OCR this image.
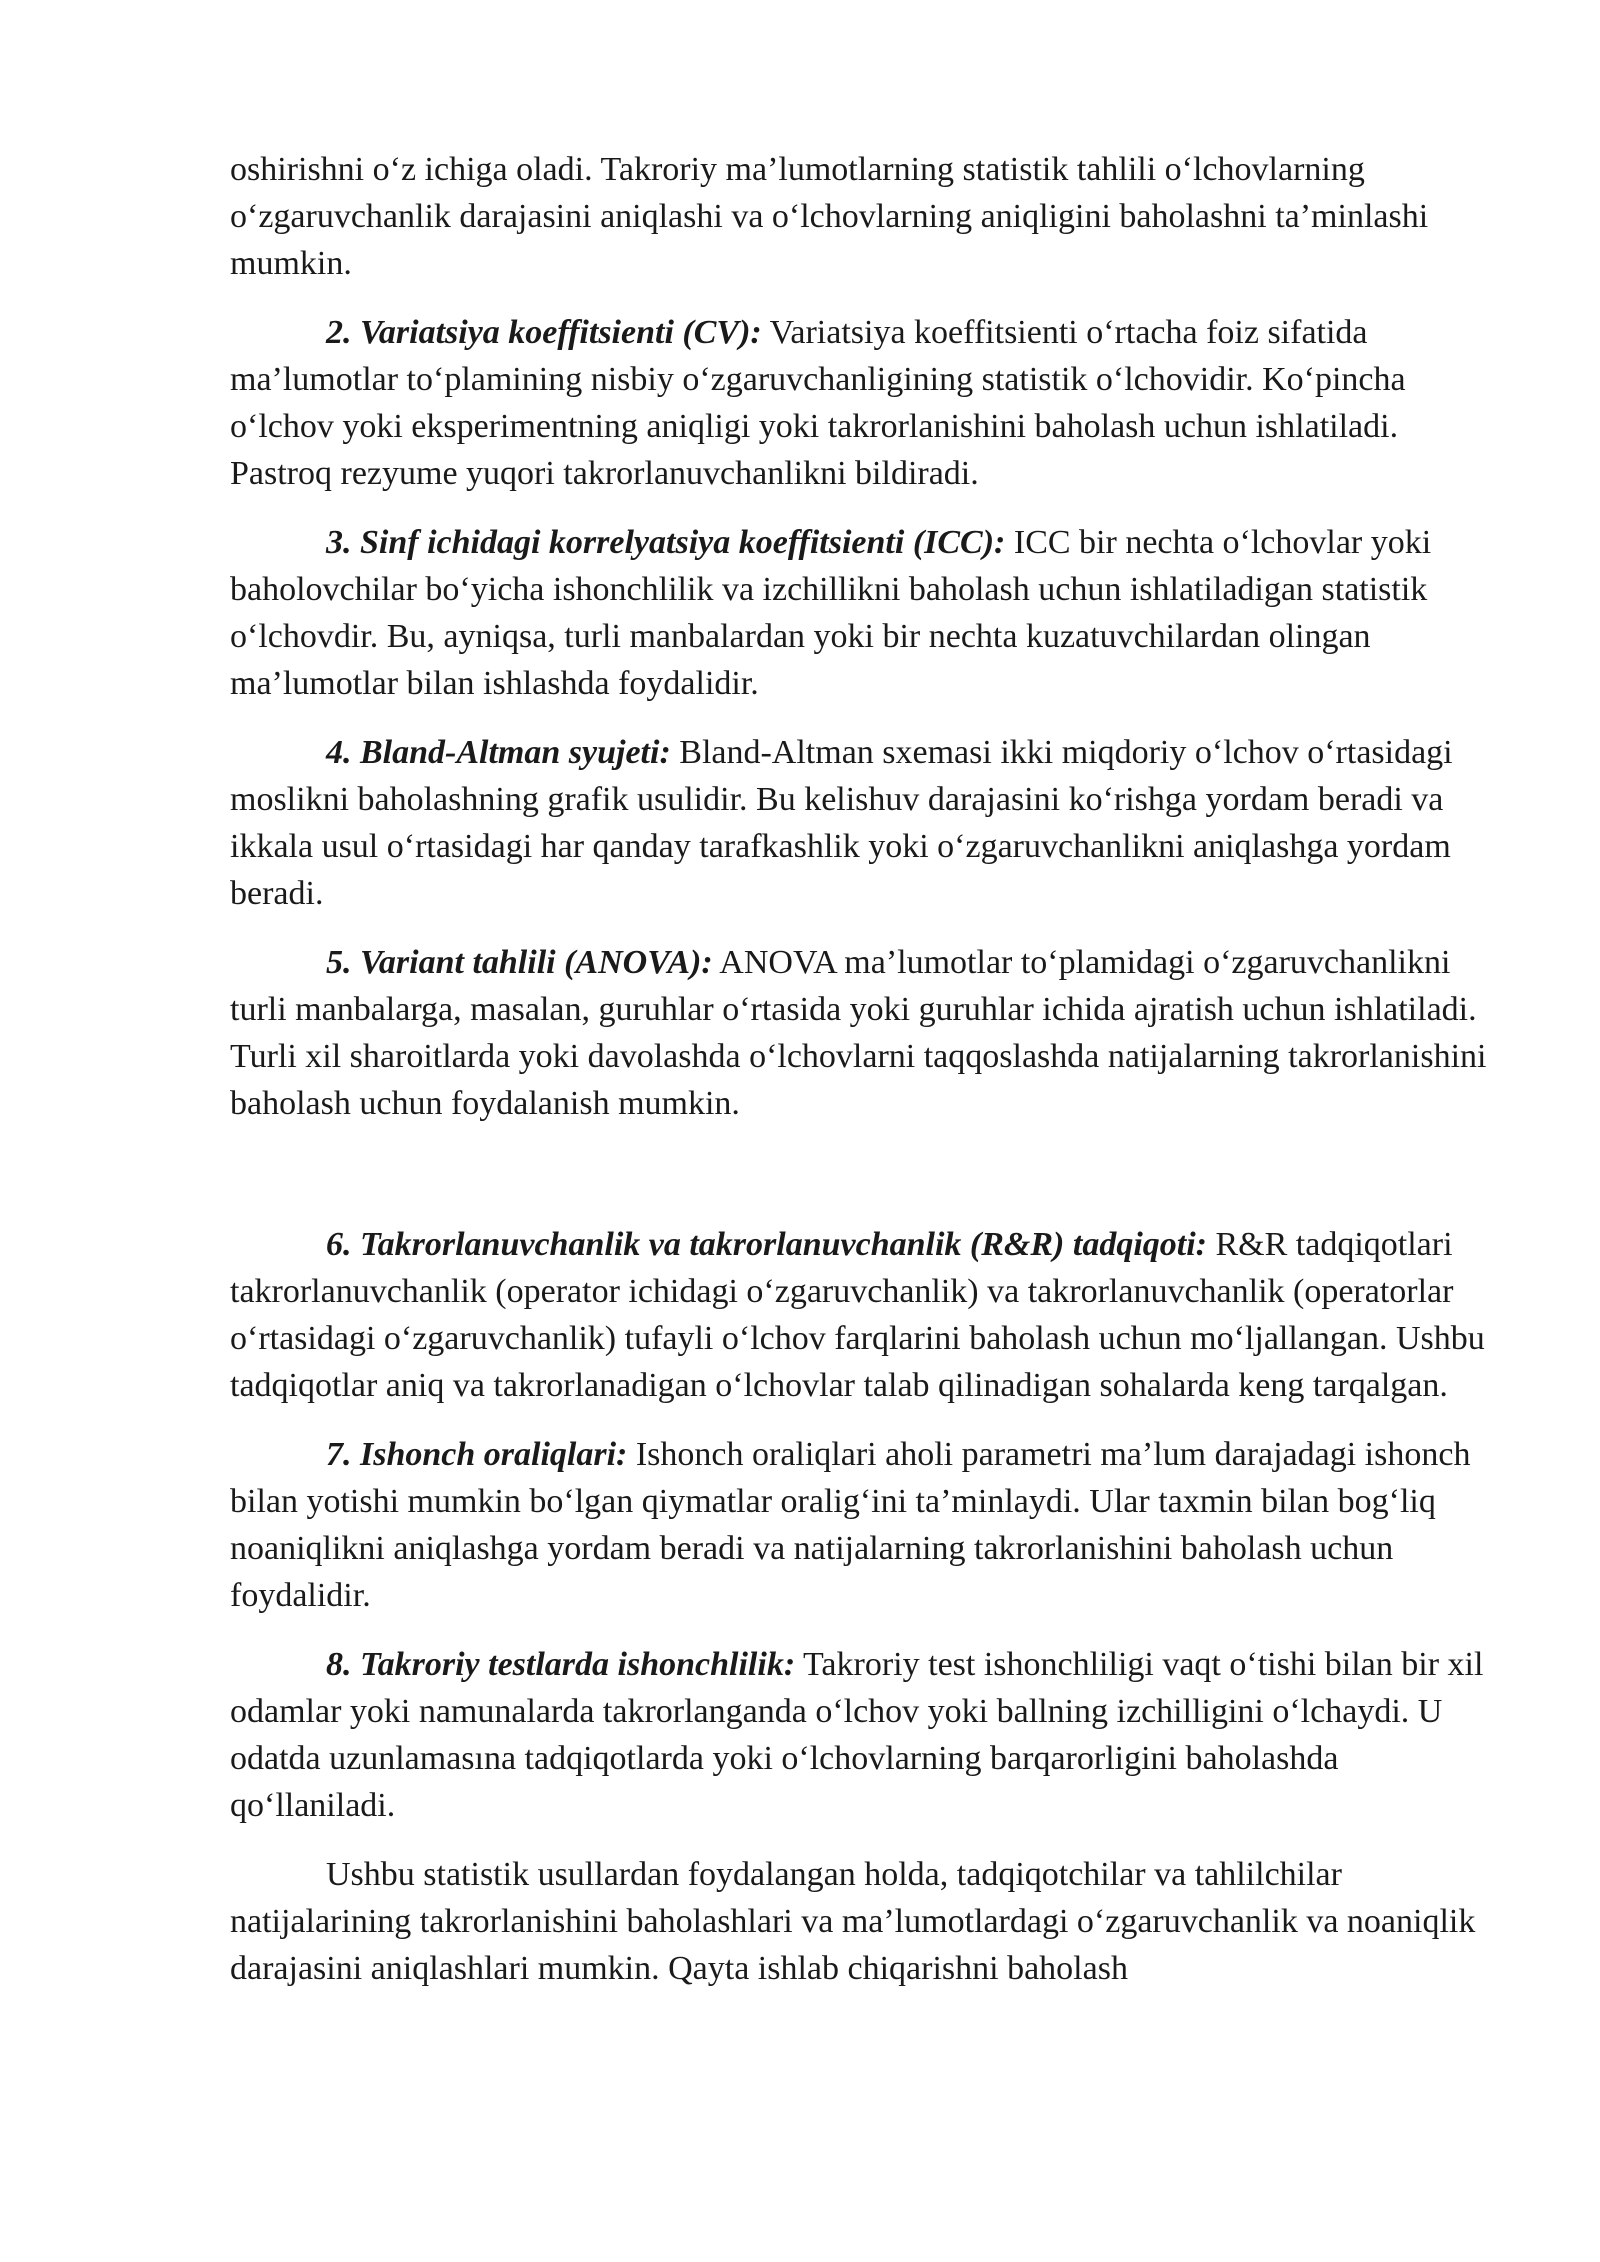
oshirishni o‘z ichiga oladi. Takroriy ma’lumotlarning statistik tahlili o‘lchovlarning o‘zgaruvchanlik darajasini aniqlashi va o‘lchovlarning aniqligini baholashni ta’minlashi mumkin.

2. Variatsiya koeffitsienti (CV): Variatsiya koeffitsienti o‘rtacha foiz sifatida ma’lumotlar to‘plamining nisbiy o‘zgaruvchanligining statistik o‘lchovidir. Ko‘pincha o‘lchov yoki eksperimentning aniqligi yoki takrorlanishini baholash uchun ishlatiladi. Pastroq rezyume yuqori takrorlanuvchanlikni bildiradi.

3. Sinf ichidagi korrelyatsiya koeffitsienti (ICC): ICC bir nechta o‘lchovlar yoki baholovchilar bo‘yicha ishonchlilik va izchillikni baholash uchun ishlatiladigan statistik o‘lchovdir. Bu, ayniqsa, turli manbalardan yoki bir nechta kuzatuvchilardan olingan ma’lumotlar bilan ishlashda foydalidir.

4. Bland-Altman syujeti: Bland-Altman sxemasi ikki miqdoriy o‘lchov o‘rtasidagi moslikni baholashning grafik usulidir. Bu kelishuv darajasini ko‘rishga yordam beradi va ikkala usul o‘rtasidagi har qanday tarafkashlik yoki o‘zgaruvchanlikni aniqlashga yordam beradi.

5. Variant tahlili (ANOVA): ANOVA ma’lumotlar to‘plamidagi o‘zgaruvchanlikni turli manbalarga, masalan, guruhlar o‘rtasida yoki guruhlar ichida ajratish uchun ishlatiladi. Turli xil sharoitlarda yoki davolashda o‘lchovlarni taqqoslashda natijalarning takrorlanishini baholash uchun foydalanish mumkin.

6. Takrorlanuvchanlik va takrorlanuvchanlik (R&R) tadqiqoti: R&R tadqiqotlari takrorlanuvchanlik (operator ichidagi o‘zgaruvchanlik) va takrorlanuvchanlik (operatorlar o‘rtasidagi o‘zgaruvchanlik) tufayli o‘lchov farqlarini baholash uchun mo‘ljallangan. Ushbu tadqiqotlar aniq va takrorlanadigan o‘lchovlar talab qilinadigan sohalarda keng tarqalgan.

7. Ishonch oraliqlari: Ishonch oraliqlari aholi parametri ma’lum darajadagi ishonch bilan yotishi mumkin bo‘lgan qiymatlar oralig‘ini ta’minlaydi. Ular taxmin bilan bog‘liq noaniqlikni aniqlashga yordam beradi va natijalarning takrorlanishini baholash uchun foydalidir.

8. Takroriy testlarda ishonchlilik: Takroriy test ishonchliligi vaqt o‘tishi bilan bir xil odamlar yoki namunalarda takrorlanganda o‘lchov yoki ballning izchilligini o‘lchaydi. U odatda uzunlamasına tadqiqotlarda yoki o‘lchovlarning barqarorligini baholashda qo‘llaniladi.

Ushbu statistik usullardan foydalangan holda, tadqiqotchilar va tahlilchilar natijalarining takrorlanishini baholashlari va ma’lumotlardagi o‘zgaruvchanlik va noaniqlik darajasini aniqlashlari mumkin. Qayta ishlab chiqarishni baholash
